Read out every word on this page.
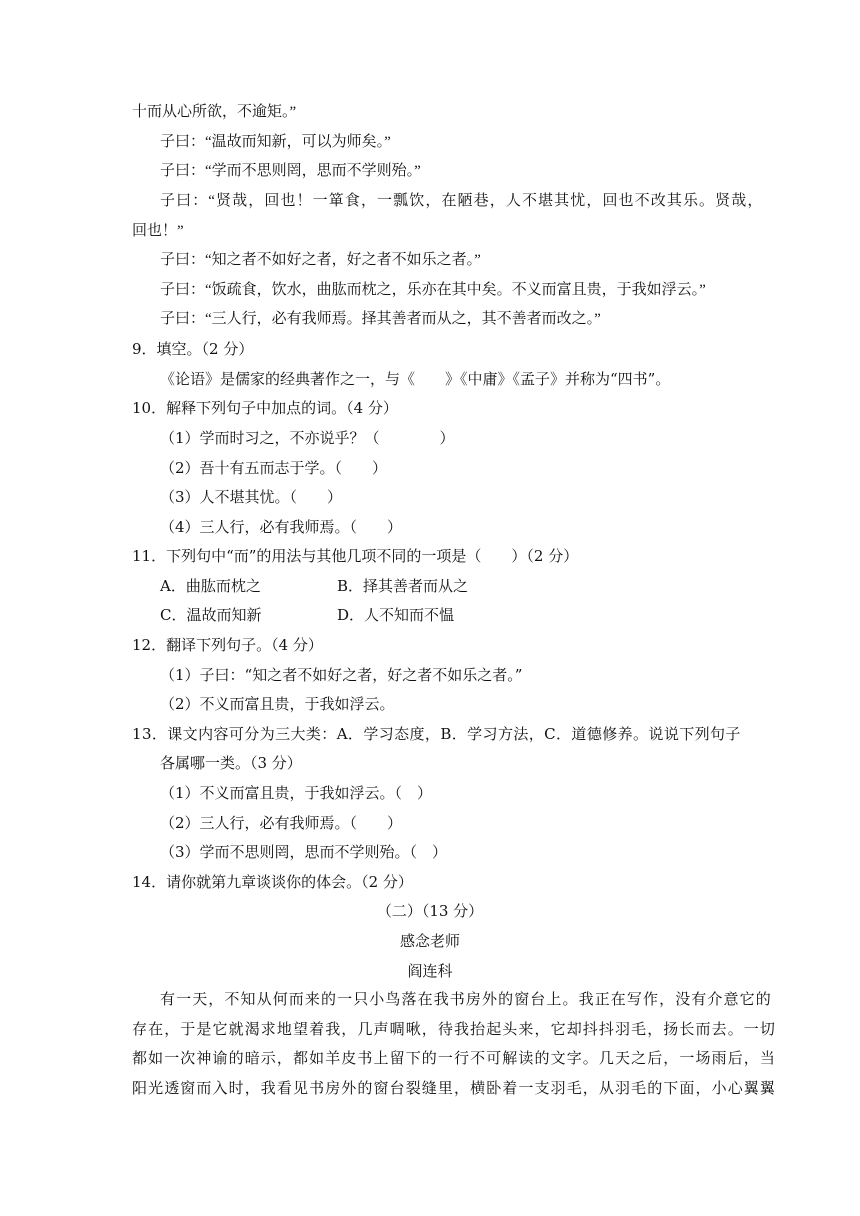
十而从心所欲，不逾矩。”
子曰：“温故而知新，可以为师矣。”
子曰：“学而不思则罔，思而不学则殆。”
子曰：“贤哉，回也！一箪食，一瓢饮，在陋巷，人不堪其忧，回也不改其乐。贤哉，
回也！”
子曰：“知之者不如好之者，好之者不如乐之者。”
子曰：“饭疏食，饮水，曲肱而枕之，乐亦在其中矣。不义而富且贵，于我如浮云。”
子曰：“三人行，必有我师焉。择其善者而从之，其不善者而改之。”
9．填空。（2 分）
《论语》是儒家的经典著作之一，与《　　》《中庸》《孟子》并称为“四书”。
10．解释下列句子中加点的词。（4 分）
（1）学而时习之，不亦说乎？（　　　　）
（2）吾十有五而志于学。（　　）
（3）人不堪其忧。（　　）
（4）三人行，必有我师焉。（　　）
11．下列句中“而”的用法与其他几项不同的一项是（　　）（2 分）
A．曲肱而枕之	B．择其善者而从之
C．温故而知新	D．人不知而不愠
12．翻译下列句子。（4 分）
（1）子曰：“知之者不如好之者，好之者不如乐之者。”
（2）不义而富且贵，于我如浮云。
13．课文内容可分为三大类：A．学习态度，B．学习方法，C．道德修养。说说下列句子
各属哪一类。（3 分）
（1）不义而富且贵，于我如浮云。（　）
（2）三人行，必有我师焉。（　　）
（3）学而不思则罔，思而不学则殆。（　）
14．请你就第九章谈谈你的体会。（2 分）
（二）（13 分）
感念老师
阎连科
有一天，不知从何而来的一只小鸟落在我书房外的窗台上。我正在写作，没有介意它的
存在，于是它就渴求地望着我，几声啁啾，待我抬起头来，它却抖抖羽毛，扬长而去。一切
都如一次神谕的暗示，都如羊皮书上留下的一行不可解读的文字。几天之后，一场雨后，当
阳光透窗而入时，我看见书房外的窗台裂缝里，横卧着一支羽毛，从羽毛的下面，小心翼翼
